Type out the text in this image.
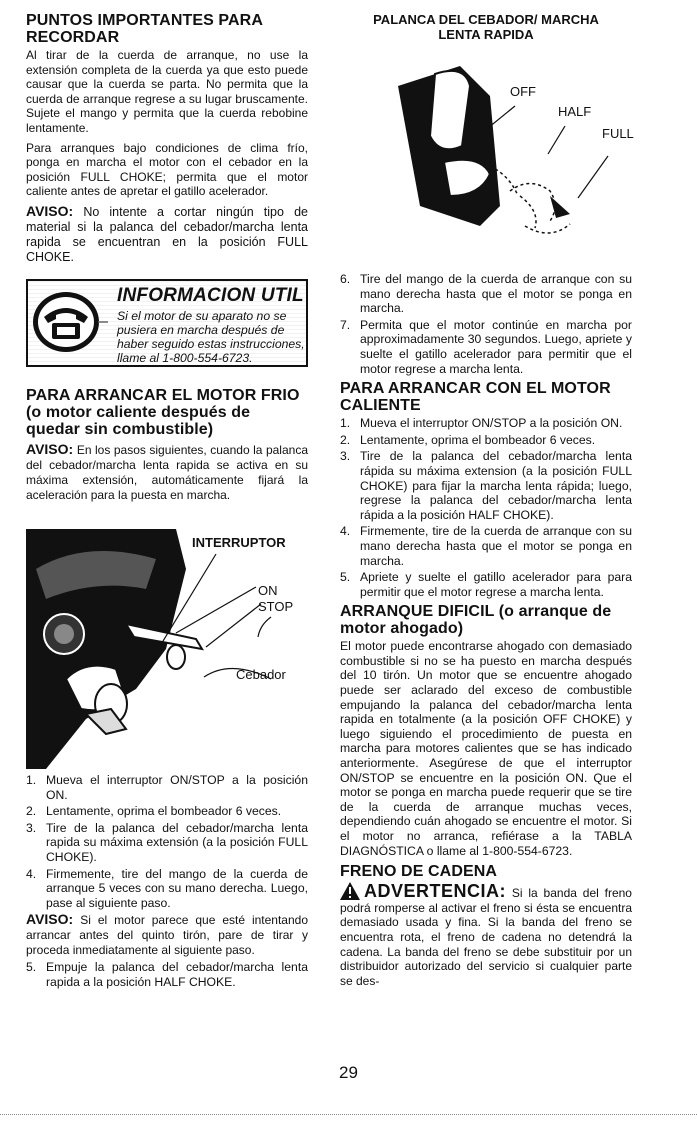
PUNTOS IMPORTANTES PARA RECORDAR

Al tirar de la cuerda de arranque, no use la extensión completa de la cuerda ya que esto puede causar que la cuerda se parta. No permita que la cuerda de arranque regrese a su lugar bruscamente. Sujete el mango y permita que la cuerda rebobine lentamente.

Para arranques bajo condiciones de clima frío, ponga en marcha el motor con el cebador en la posición FULL CHOKE; permita que el motor caliente antes de apretar el gatillo acelerador.

AVISO: No intente a cortar ningún tipo de material si la palanca del cebador/marcha lenta rapida se encuentran en la posición FULL CHOKE.

INFORMACION UTIL
Si el motor de su aparato no se pusiera en marcha después de haber seguido estas instrucciones, llame al 1-800-554-6723.
PARA ARRANCAR EL MOTOR FRIO (o motor caliente después de quedar sin combustible)

AVISO: En los pasos siguientes, cuando la palanca del cebador/marcha lenta rapida se activa en su máxima extensión, automáticamente fijará la aceleración para la puesta en marcha.

INTERRUPTOR
ON
STOP
Cebador
1. Mueva el interruptor ON/STOP a la posición ON.
2. Lentamente, oprima el bombeador 6 veces.
3. Tire de la palanca del cebador/marcha lenta rapida su máxima extensión (a la posición FULL CHOKE).
4. Firmemente, tire del mango de la cuerda de arranque 5 veces con su mano derecha. Luego, pase al siguiente paso.

AVISO: Si el motor parece que esté intentando arrancar antes del quinto tirón, pare de tirar y proceda inmediatamente al siguiente paso.

5. Empuje la palanca del cebador/marcha lenta rapida a la posición HALF CHOKE.
PALANCA DEL CEBADOR/ MARCHA LENTA RAPIDA
OFF
HALF
FULL
6. Tire del mango de la cuerda de arranque con su mano derecha hasta que el motor se ponga en marcha.
7. Permita que el motor continúe en marcha por approximadamente 30 segundos. Luego, apriete y suelte el gatillo acelerador para permitir que el motor regrese a marcha lenta.
PARA ARRANCAR CON EL MOTOR CALIENTE
1. Mueva el interruptor ON/STOP a la posición ON.
2. Lentamente, oprima el bombeador 6 veces.
3. Tire de la palanca del cebador/marcha lenta rápida su máxima extension (a la posición FULL CHOKE) para fijar la marcha lenta rápida; luego, regrese la palanca del cebador/marcha lenta rápida a la posición HALF CHOKE).
4. Firmemente, tire de la cuerda de arranque con su mano derecha hasta que el motor se ponga en marcha.
5. Apriete y suelte el gatillo acelerador para para permitir que el motor regrese a marcha lenta.
ARRANQUE DIFICIL (o arranque de motor ahogado)

El motor puede encontrarse ahogado con demasiado combustible si no se ha puesto en marcha después del 10 tirón. Un motor que se encuentre ahogado puede ser aclarado del exceso de combustible empujando la palanca del cebador/marcha lenta rapida en totalmente (a la posición OFF CHOKE) y luego siguiendo el procedimiento de puesta en marcha para motores calientes que se has indicado anteriormente. Asegúrese de que el interruptor ON/STOP se encuentre en la posición ON. Que el motor se ponga en marcha puede requerir que se tire de la cuerda de arranque muchas veces, dependiendo cuán ahogado se encuentre el motor. Si el motor no arranca, refiérase a la TABLA DIAGNÓSTICA o llame al 1-800-554-6723.

FRENO DE CADENA

ADVERTENCIA: Si la banda del freno podrá romperse al activar el freno si ésta se encuentra demasiado usada y fina. Si la banda del freno se encuentra rota, el freno de cadena no detendrá la cadena. La banda del freno se debe substituir por un distribuidor autorizado del servicio si cualquier parte se des-

29
